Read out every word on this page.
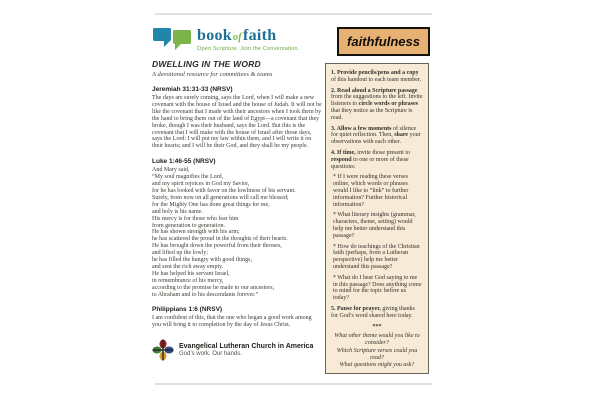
bookoffaith
Open Scripture. Join the Conversation.
DWELLING IN THE WORD
A devotional resource for committees & teams
Jeremiah 31:31-33 (NRSV)
The days are surely coming, says the Lord, when I will make a new covenant with the house of Israel and the house of Judah. It will not be like the covenant that I made with their ancestors when I took them by the hand to bring them out of the land of Egypt—a covenant that they broke, though I was their husband, says the Lord. But this is the covenant that I will make with the house of Israel after those days, says the Lord: I will put my law within them, and I will write it on their hearts; and I will be their God, and they shall be my people.
Luke 1:46-55 (NRSV)
And Mary said,
“My soul magnifies the Lord,
and my spirit rejoices in God my Savior,
for he has looked with favor on the lowliness of his servant.
Surely, from now on all generations will call me blessed;
for the Mighty One has done great things for me,
and holy is his name.
His mercy is for those who fear him
from generation to generation.
He has shown strength with his arm;
he has scattered the proud in the thoughts of their hearts.
He has brought down the powerful from their thrones,
and lifted up the lowly;
he has filled the hungry with good things,
and sent the rich away empty.
He has helped his servant Israel,
in remembrance of his mercy,
according to the promise he made to our ancestors,
to Abraham and to his descendants forever.”
Philippians 1:6 (NRSV)
I am confident of this, that the one who began a good work among you will bring it to completion by the day of Jesus Christ.
Evangelical Lutheran Church in America
God’s work. Our hands.
faithfulness

1. Provide pencils/pens and a copy of this handout to each team member.

2. Read aloud a Scripture passage from the suggestions to the left. Invite listeners to circle words or phrases that they notice as the Scripture is read.

3. Allow a few moments of silence for quiet reflection. Then, share your observations with each other.

4. If time, invite those present to respond to one or more of these questions:

* If I were reading these verses online, which words or phrases would I like to “link” to further information? Further historical information?

* What literary insights (grammar, characters, theme, setting) would help me better understand this passage?

* How do teachings of the Christian faith (perhaps, from a Lutheran perspective) help me better understand this passage?

* What do I hear God saying to me in this passage? Does anything come to mind for the topic before us today?

5. Pause for prayer, giving thanks for God’s word shared here today.

***

What other theme would you like to consider?

Which Scripture verses could you read?

What questions might you ask?
